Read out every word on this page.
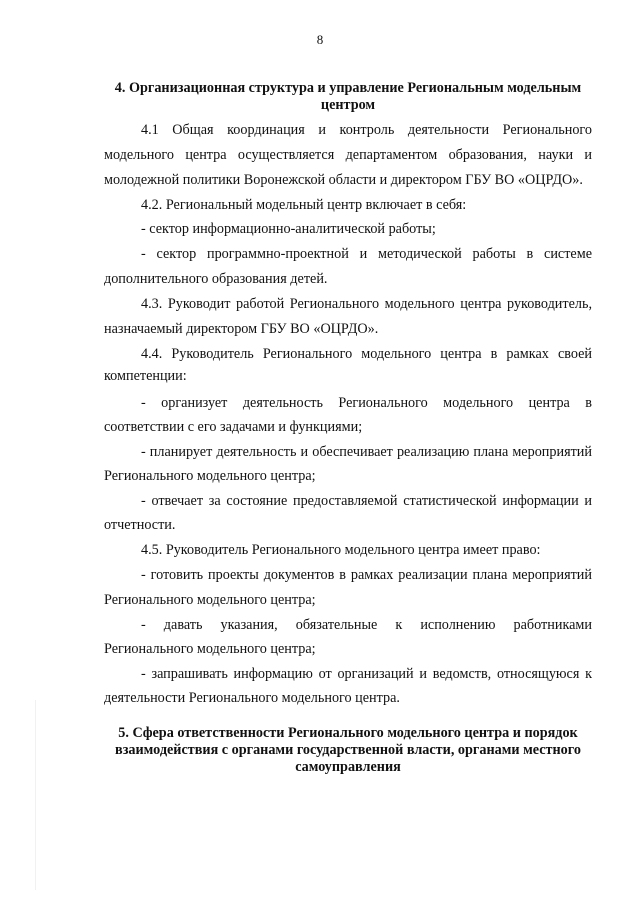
8
4. Организационная структура и управление Региональным модельным
центром
4.1 Общая координация и контроль деятельности Регионального
модельного центра осуществляется департаментом образования, науки и
молодежной политики Воронежской области и директором ГБУ ВО «ОЦРДО».
4.2. Региональный модельный центр включает в себя:
- сектор информационно-аналитической работы;
- сектор программно-проектной и методической работы в системе
дополнительного образования детей.
4.3. Руководит работой Регионального модельного центра руководитель,
назначаемый директором ГБУ ВО «ОЦРДО».
4.4. Руководитель Регионального модельного центра в рамках своей
компетенции:
- организует деятельность Регионального модельного центра в
соответствии с его задачами и функциями;
- планирует деятельность и обеспечивает реализацию плана мероприятий
Регионального модельного центра;
- отвечает за состояние предоставляемой статистической информации и
отчетности.
4.5. Руководитель Регионального модельного центра имеет право:
- готовить проекты документов в рамках реализации плана мероприятий
Регионального модельного центра;
- давать указания, обязательные к исполнению работниками
Регионального модельного центра;
- запрашивать информацию от организаций и ведомств, относящуюся к
деятельности Регионального модельного центра.
5. Сфера ответственности Регионального модельного центра и порядок
взаимодействия с органами государственной власти, органами местного
самоуправления
